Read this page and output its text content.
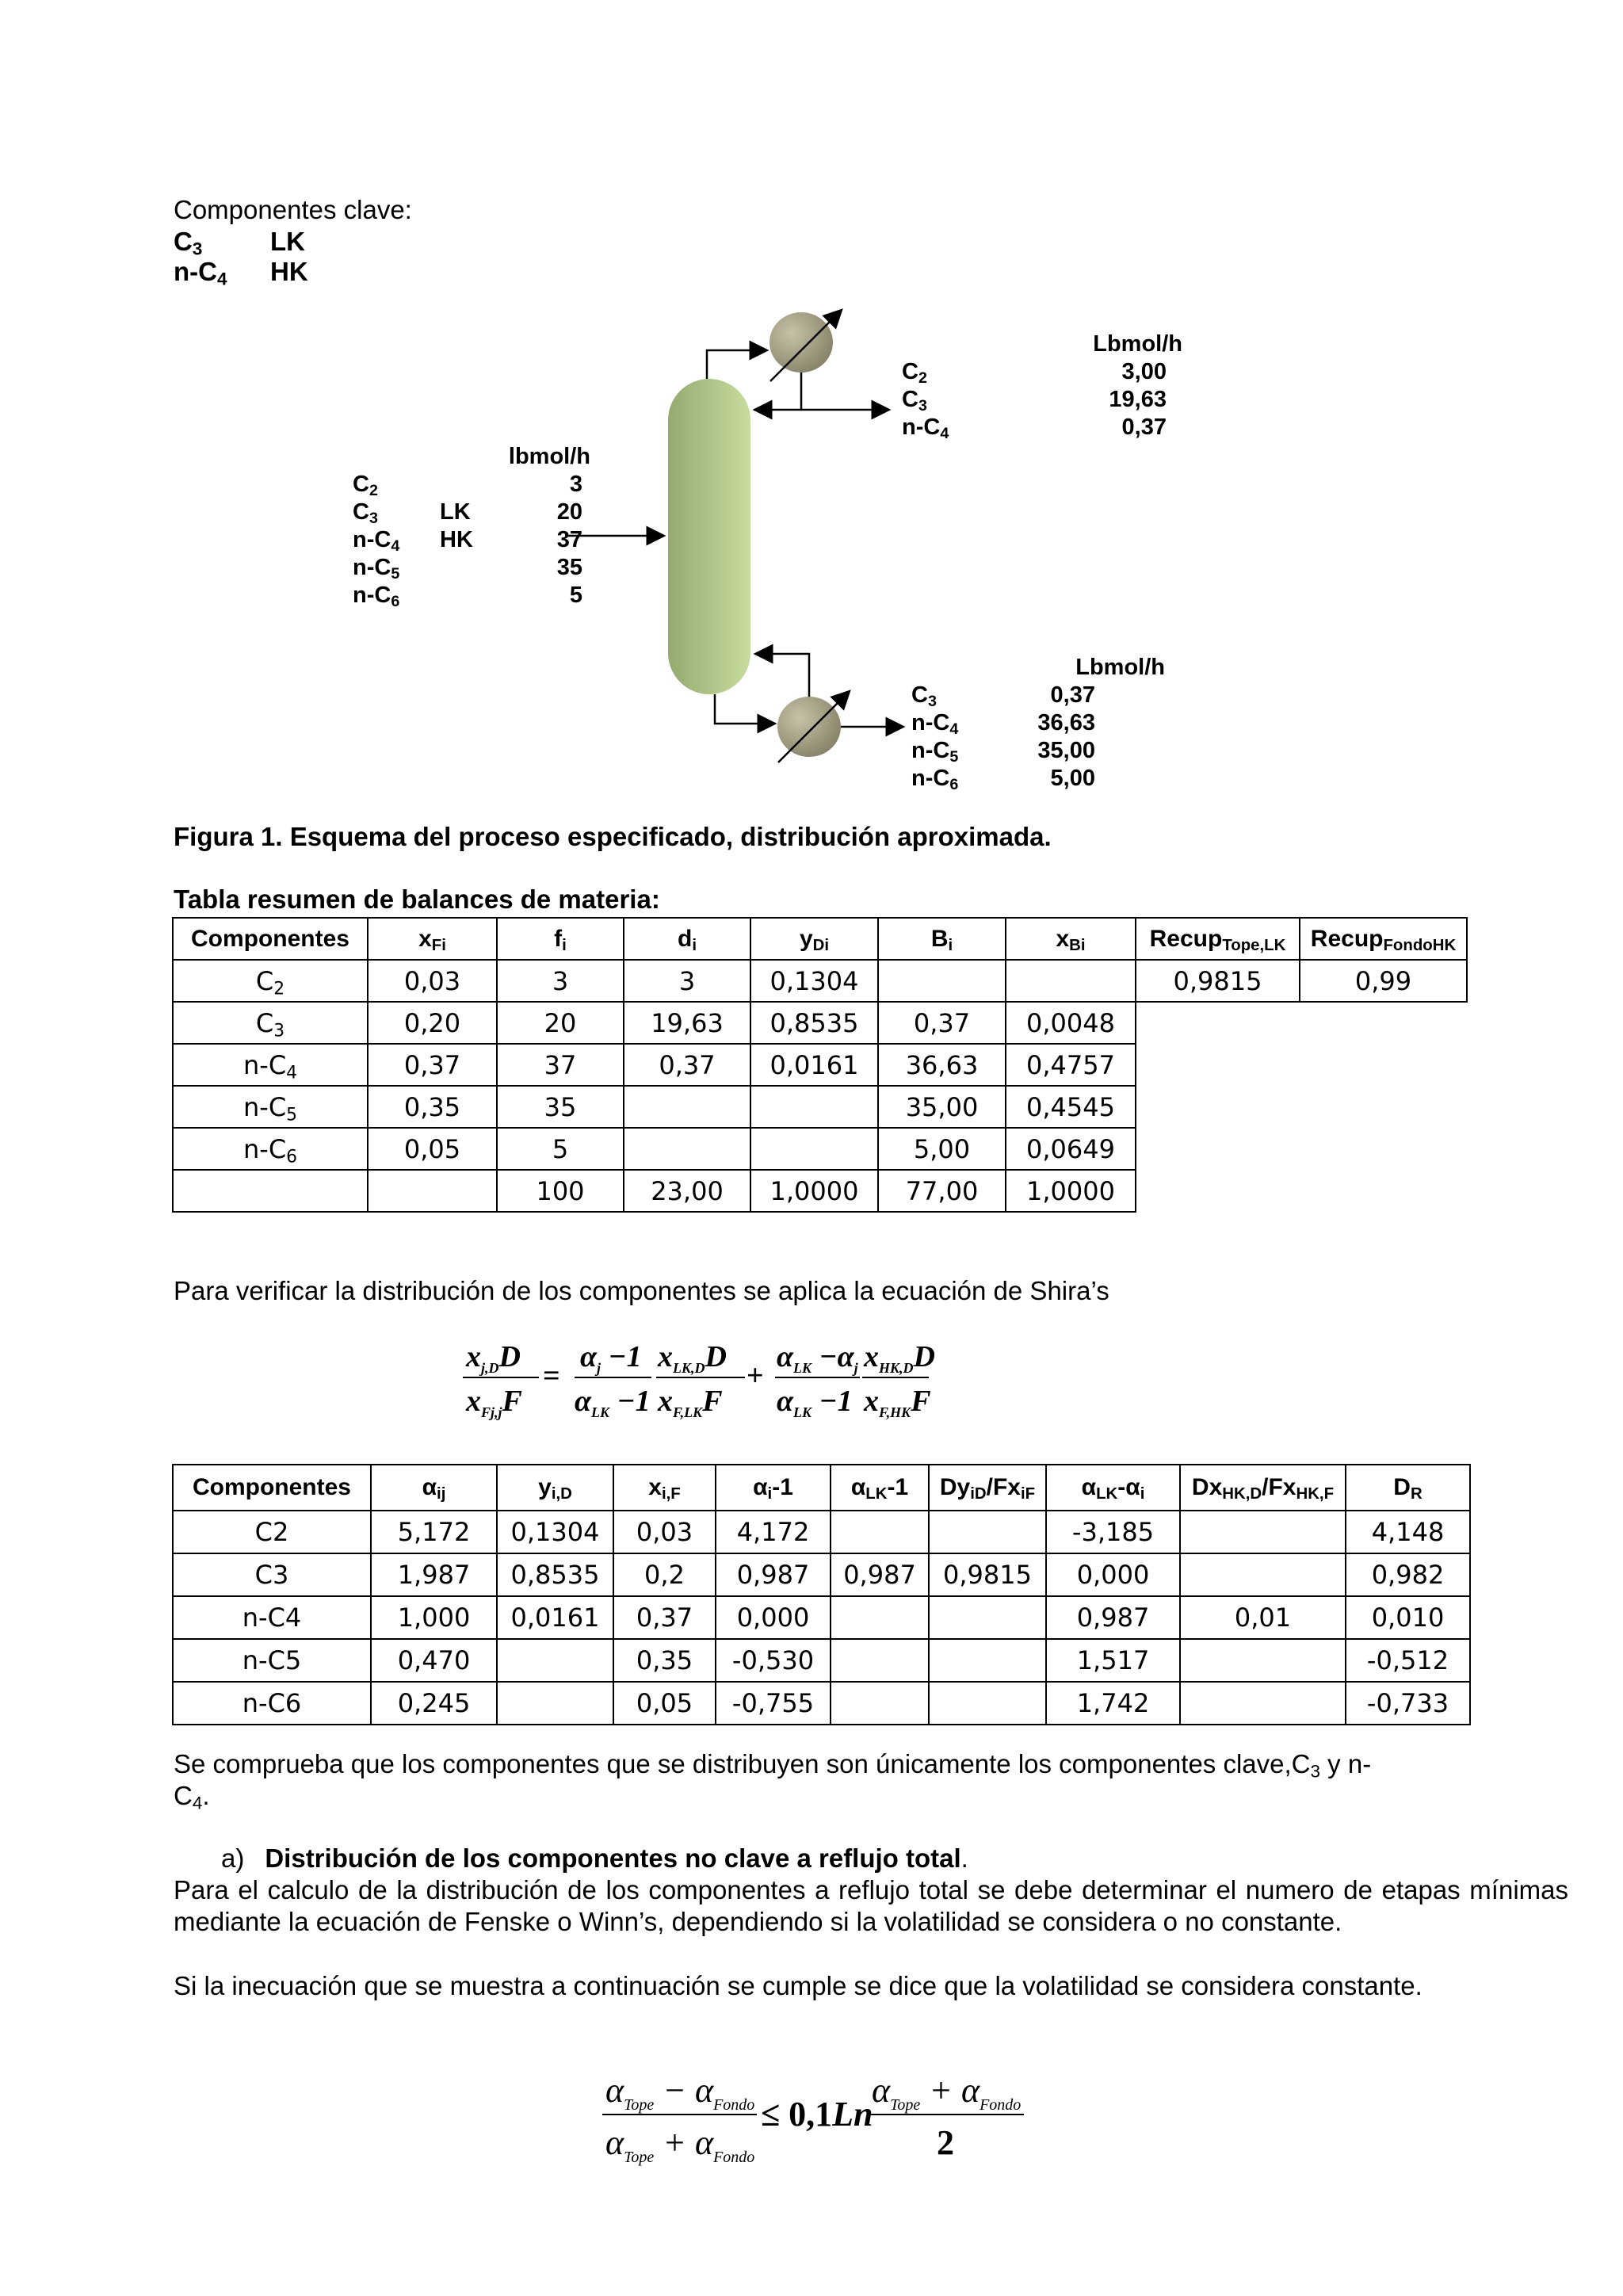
Componentes clave:
$C_3$	LK
$n-C_4$ HK
lbmol/h
$C_2$	3
$C_3$	LK	20
$n-C_4$	HK	37
$n-C_5$	35
$n-C_6$	5
Lbmol/h
$C_2$	3,00
$C_3$	19,63
$n-C_4$	0,37
Lbmol/h
$C_3$	0,37
$n-C_4$	36,63
$n-C_5$	35,00
$n-C_6$	5,00
Figura 1. Esquema del proceso especificado, distribución aproximada.
Tabla resumen de balances de materia:
Componentes	$x_{Fi}$	$f_i$	$d_i$	$y_{Di}$	$B_i$	$x_{Bi}$	Recup$_{Tope,LK}$	Recup$_{FondoHK}$
$C_2$	0,03	3	3	0,1304			0,9815	0,99
$C_3$	0,20	20	19,63	0,8535	0,37	0,0048		
$n-C_4$	0,37	37	0,37	0,0161	36,63	0,4757		
$n-C_5$	0,35	35			35,00	0,4545		
$n-C_6$	0,05	5			5,00	0,0649		
		100	23,00	1,0000	77,00	1,0000		
Para verificar la distribución de los componentes se aplica la ecuación de Shira’s
$x_{j,D}D$
$x_{Fj,j}F$
=
$\alpha_j -1$
$\alpha_{LK} -1$
$x_{LK,D}D$
$x_{F,LK}F$
+
$\alpha_{LK} -\alpha_j$
$\alpha_{LK} -1$
$x_{HK,D}D$
$x_{F,HK}F$
Componentes	$\alpha_{ij}$	$y_{i,D}$	$x_{i,F}$	$\alpha_i-1$	$\alpha_{LK}-1$	$Dy_{iD}/Fx_{iF}$	$\alpha_{LK}-\alpha_i$	$Dx_{HK,D}/Fx_{HK,F}$	$D_R$
C2	5,172	0,1304	0,03	4,172			-3,185		4,148
C3	1,987	0,8535	0,2	0,987	0,987	0,9815	0,000		0,982
n-C4	1,000	0,0161	0,37	0,000			0,987	0,01	0,010
n-C5	0,470		0,35	-0,530			1,517		-0,512
n-C6	0,245		0,05	-0,755			1,742		-0,733
Se comprueba que los componentes que se distribuyen son únicamente los componentes $clave,C_3$ y $n-C_4$.
a) Distribución de los componentes no clave a reflujo total.
Para el calculo de la distribución de los componentes a reflujo total se debe determinar el numero de etapas mínimas mediante la ecuación de Fenske o Winn’s, dependiendo si la volatilidad se considera o no constante.
Si la inecuación que se muestra a continuación se cumple se dice que la volatilidad se considera constante.
$\alpha_{Tope} - \alpha_{Fondo}$
$\alpha_{Tope} + \alpha_{Fondo}$
≤ 0,1Ln
$\alpha_{Tope} + \alpha_{Fondo}$
2
